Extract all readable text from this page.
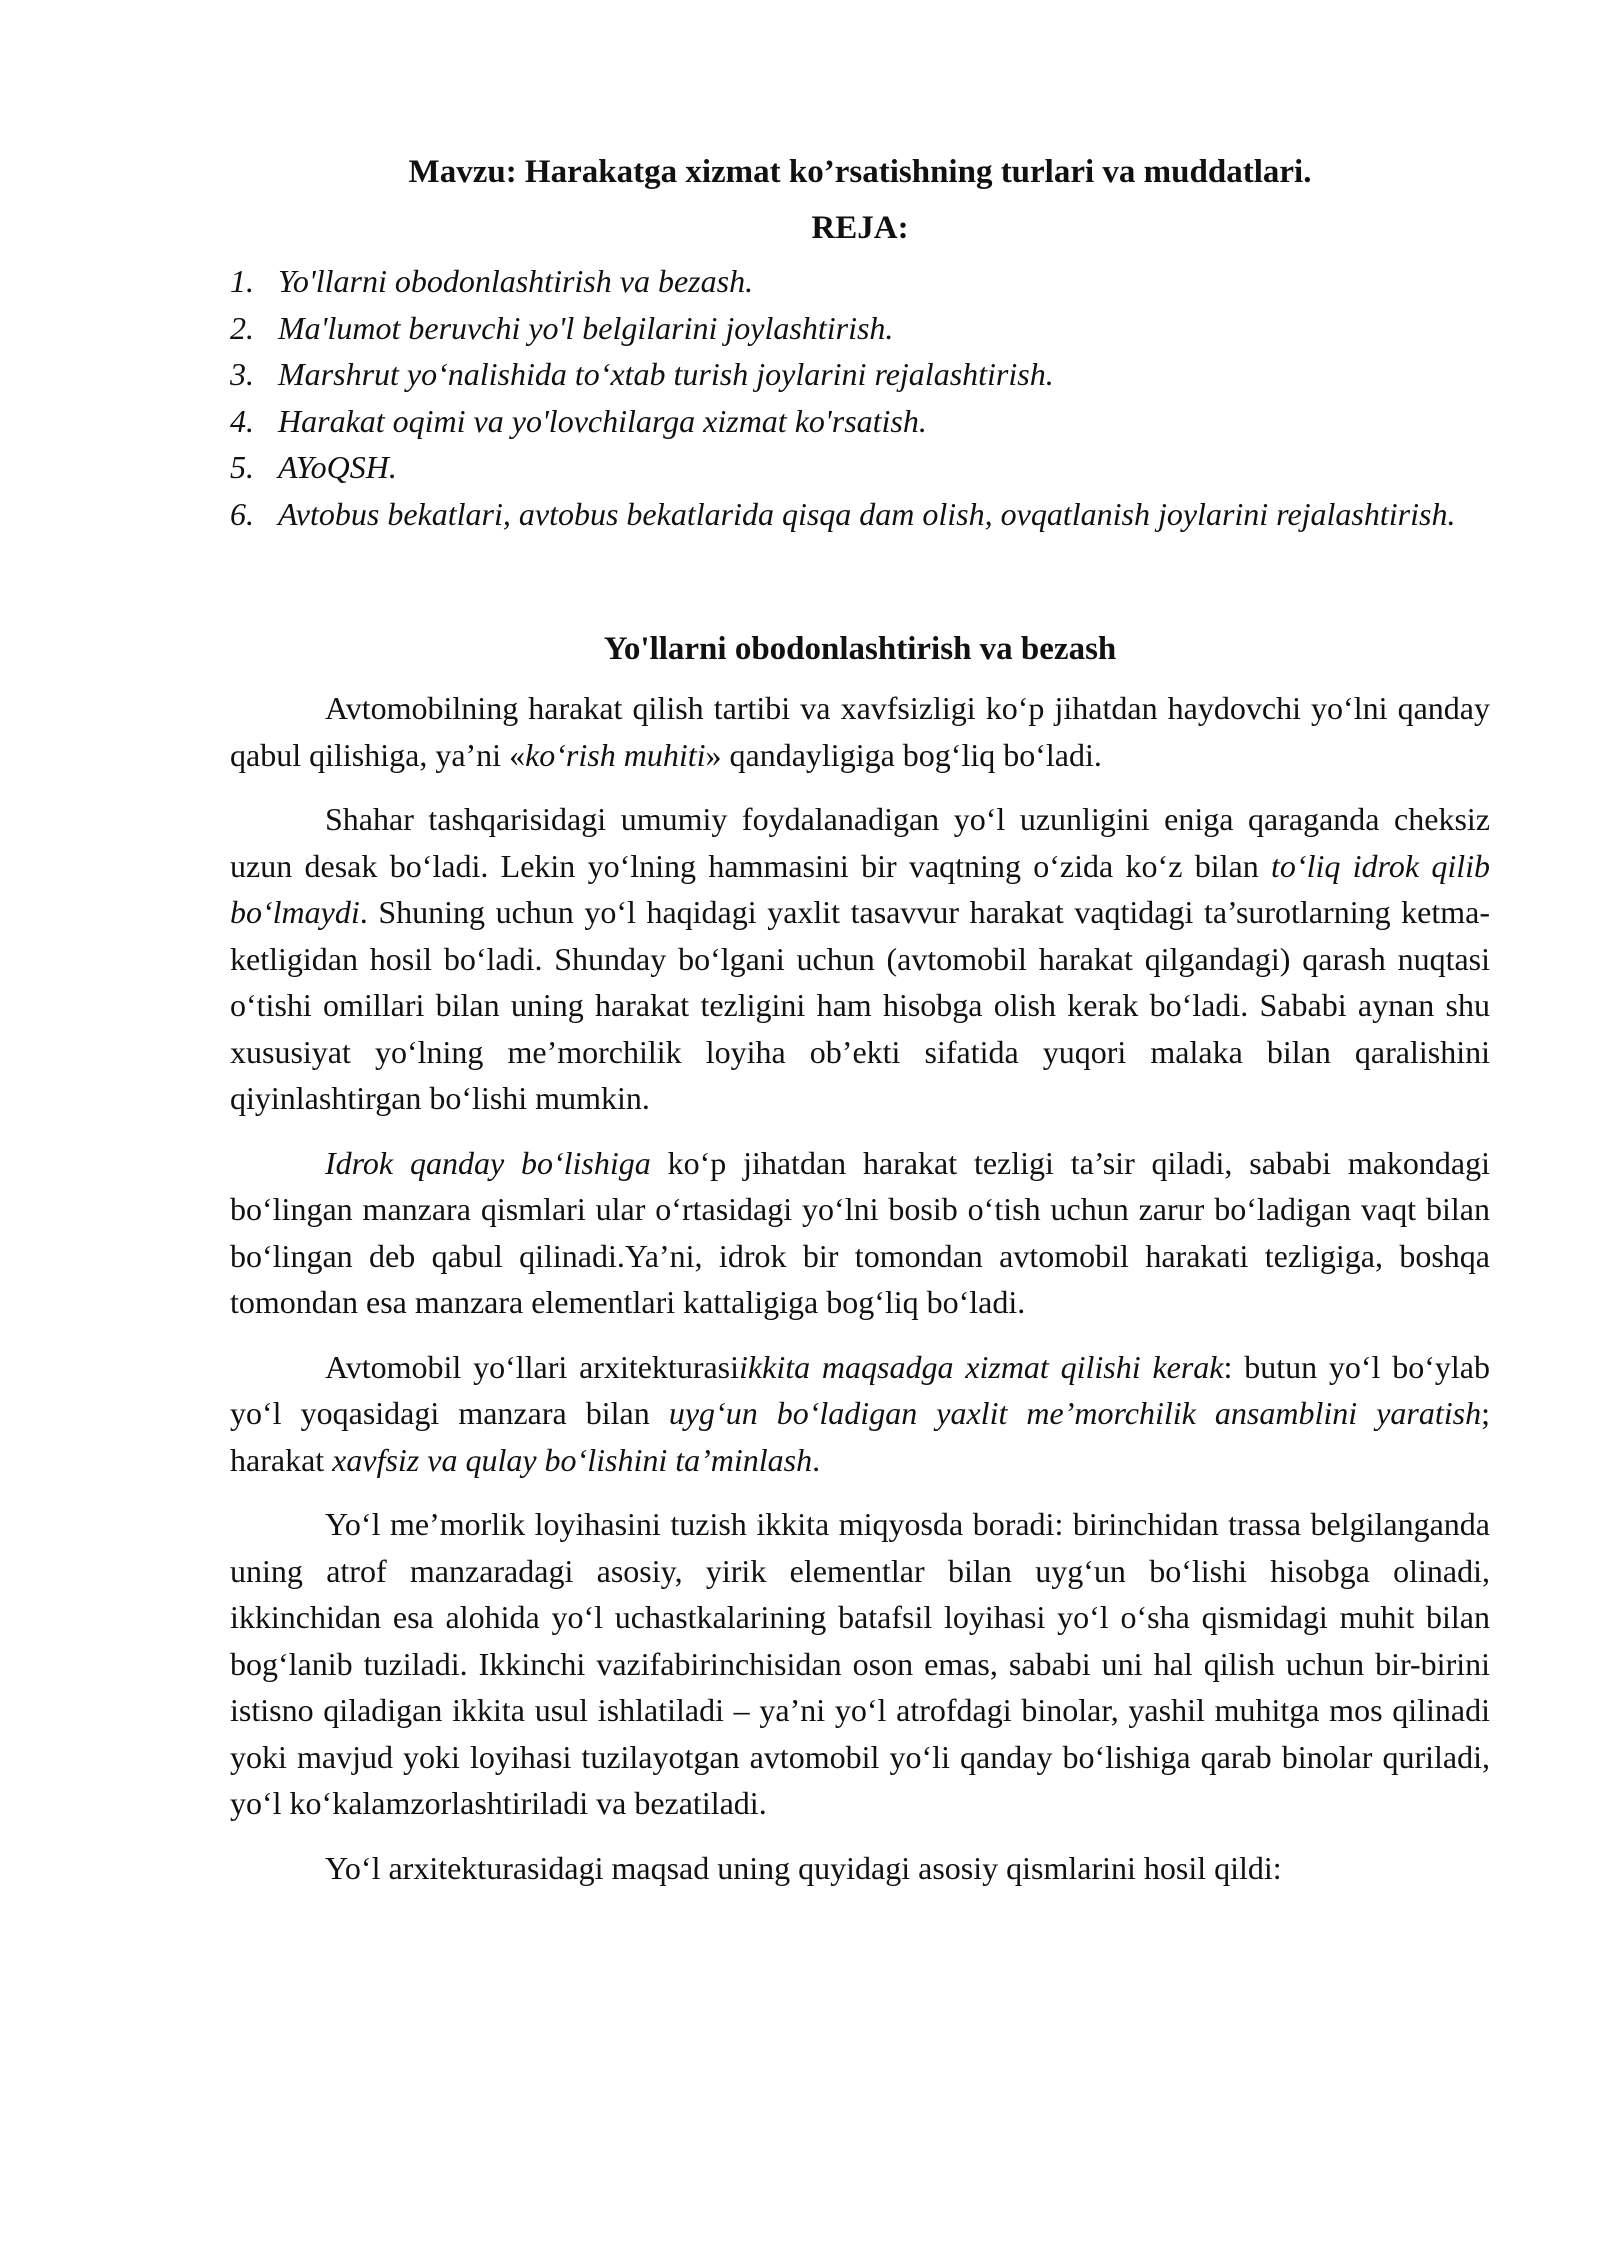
Mavzu: Harakatga xizmat ko’rsatishning turlari va muddatlari.
REJA:
1. Yo'llarni obodonlashtirish va bezash.
2. Ma'lumot beruvchi yo'l belgilarini joylashtirish.
3. Marshrut yo‘nalishida to‘xtab turish joylarini rejalashtirish.
4. Harakat oqimi va yo'lovchilarga xizmat ko'rsatish.
5. AYoQSH.
6. Avtobus bekatlari, avtobus bekatlarida qisqa dam olish, ovqatlanish joylarini rejalashtirish.
Yo'llarni obodonlashtirish va bezash

Avtomobilning harakat qilish tartibi va xavfsizligi ko‘p jihatdan haydovchi yo‘lni qanday qabul qilishiga, ya’ni «ko‘rish muhiti» qandayligiga bog‘liq bo‘ladi.

Shahar tashqarisidagi umumiy foydalanadigan yo‘l uzunligini eniga qaraganda cheksiz uzun desak bo‘ladi. Lekin yo‘lning hammasini bir vaqtning o‘zida ko‘z bilan to‘liq idrok qilib bo‘lmaydi. Shuning uchun yo‘l haqidagi yaxlit tasavvur harakat vaqtidagi ta’surotlarning ketma-ketligidan hosil bo‘ladi. Shunday bo‘lgani uchun (avtomobil harakat qilgandagi) qarash nuqtasi o‘tishi omillari bilan uning harakat tezligini ham hisobga olish kerak bo‘ladi. Sababi aynan shu xususiyat yo‘lning me’morchilik loyiha ob’ekti sifatida yuqori malaka bilan qaralishini qiyinlashtirgan bo‘lishi mumkin.

Idrok qanday bo‘lishiga ko‘p jihatdan harakat tezligi ta’sir qiladi, sababi makondagi bo‘lingan manzara qismlari ular o‘rtasidagi yo‘lni bosib o‘tish uchun zarur bo‘ladigan vaqt bilan bo‘lingan deb qabul qilinadi.Ya’ni, idrok bir tomondan avtomobil harakati tezligiga, boshqa tomondan esa manzara elementlari kattaligiga bog‘liq bo‘ladi.

Avtomobil yo‘llari arxitekturasiikkita maqsadga xizmat qilishi kerak: butun yo‘l bo‘ylab yo‘l yoqasidagi manzara bilan uyg‘un bo‘ladigan yaxlit me’morchilik ansamblini yaratish; harakat xavfsiz va qulay bo‘lishini ta’minlash.

Yo‘l me’morlik loyihasini tuzish ikkita miqyosda boradi: birinchidan trassa belgilanganda uning atrof manzaradagi asosiy, yirik elementlar bilan uyg‘un bo‘lishi hisobga olinadi, ikkinchidan esa alohida yo‘l uchastkalarining batafsil loyihasi yo‘l o‘sha qismidagi muhit bilan bog‘lanib tuziladi. Ikkinchi vazifabirinchisidan oson emas, sababi uni hal qilish uchun bir-birini istisno qiladigan ikkita usul ishlatiladi – ya’ni yo‘l atrofdagi binolar, yashil muhitga mos qilinadi yoki mavjud yoki loyihasi tuzilayotgan avtomobil yo‘li qanday bo‘lishiga qarab binolar quriladi, yo‘l ko‘kalamzorlashtiriladi va bezatiladi.

Yo‘l arxitekturasidagi maqsad uning quyidagi asosiy qismlarini hosil qildi:
